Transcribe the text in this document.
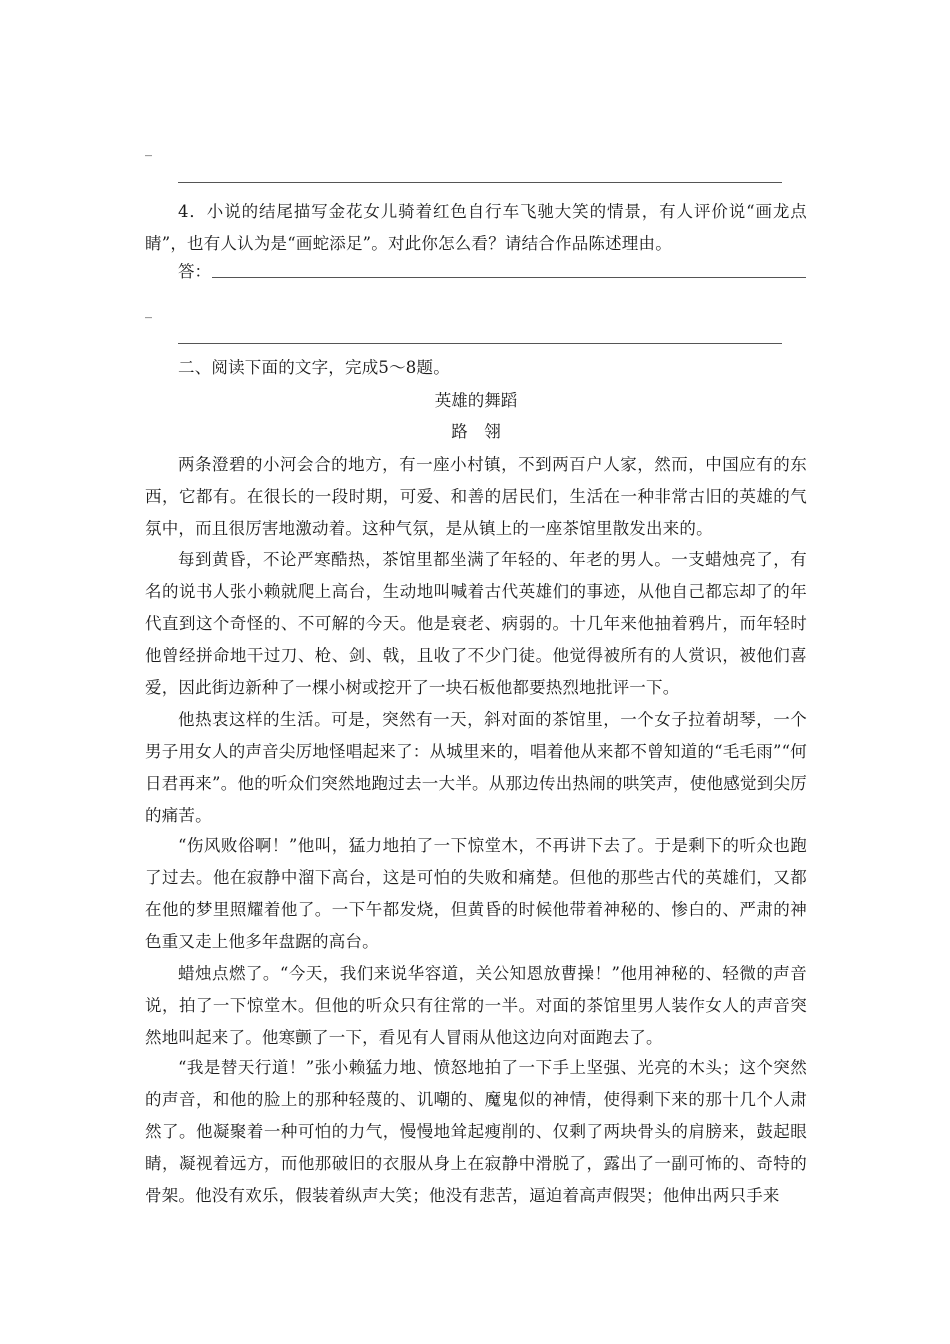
_

4．小说的结尾描写金花女儿骑着红色自行车飞驰大笑的情景，有人评价说“画龙点睛”，也有人认为是“画蛇添足”。对此你怎么看？请结合作品陈述理由。

答：
_

二、阅读下面的文字，完成5～8题。

英雄的舞蹈
路　翎

两条澄碧的小河会合的地方，有一座小村镇，不到两百户人家，然而，中国应有的东西，它都有。在很长的一段时期，可爱、和善的居民们，生活在一种非常古旧的英雄的气氛中，而且很厉害地激动着。这种气氛，是从镇上的一座茶馆里散发出来的。

每到黄昏，不论严寒酷热，茶馆里都坐满了年轻的、年老的男人。一支蜡烛亮了，有名的说书人张小赖就爬上高台，生动地叫喊着古代英雄们的事迹，从他自己都忘却了的年代直到这个奇怪的、不可解的今天。他是衰老、病弱的。十几年来他抽着鸦片，而年轻时他曾经拼命地干过刀、枪、剑、戟，且收了不少门徒。他觉得被所有的人赏识，被他们喜爱，因此街边新种了一棵小树或挖开了一块石板他都要热烈地批评一下。

他热衷这样的生活。可是，突然有一天，斜对面的茶馆里，一个女子拉着胡琴，一个男子用女人的声音尖厉地怪唱起来了：从城里来的，唱着他从来都不曾知道的“毛毛雨”“何日君再来”。他的听众们突然地跑过去一大半。从那边传出热闹的哄笑声，使他感觉到尖厉的痛苦。

“伤风败俗啊！”他叫，猛力地拍了一下惊堂木，不再讲下去了。于是剩下的听众也跑了过去。他在寂静中溜下高台，这是可怕的失败和痛楚。但他的那些古代的英雄们，又都在他的梦里照耀着他了。一下午都发烧，但黄昏的时候他带着神秘的、惨白的、严肃的神色重又走上他多年盘踞的高台。

蜡烛点燃了。“今天，我们来说华容道，关公知恩放曹操！”他用神秘的、轻微的声音说，拍了一下惊堂木。但他的听众只有往常的一半。对面的茶馆里男人装作女人的声音突然地叫起来了。他寒颤了一下，看见有人冒雨从他这边向对面跑去了。

“我是替天行道！”张小赖猛力地、愤怒地拍了一下手上坚强、光亮的木头；这个突然的声音，和他的脸上的那种轻蔑的、讥嘲的、魔鬼似的神情，使得剩下来的那十几个人肃然了。他凝聚着一种可怕的力气，慢慢地耸起瘦削的、仅剩了两块骨头的肩膀来，鼓起眼睛，凝视着远方，而他那破旧的衣服从身上在寂静中滑脱了，露出了一副可怖的、奇特的骨架。他没有欢乐，假装着纵声大笑；他没有悲苦，逼迫着高声假哭；他伸出两只手来
